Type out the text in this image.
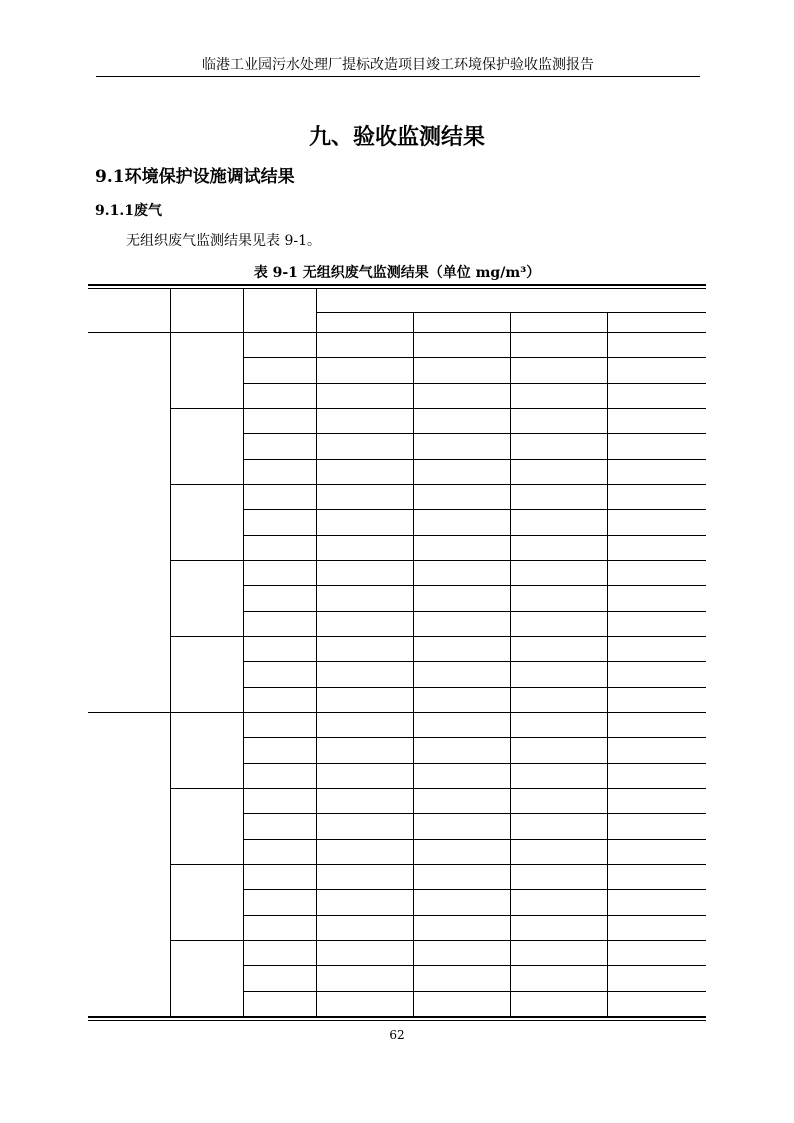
临港工业园污水处理厂提标改造项目竣工环境保护验收监测报告
九、验收监测结果
9.1环境保护设施调试结果
9.1.1废气
无组织废气监测结果见表 9-1。
表 9-1 无组织废气监测结果（单位 mg/m³）
62
